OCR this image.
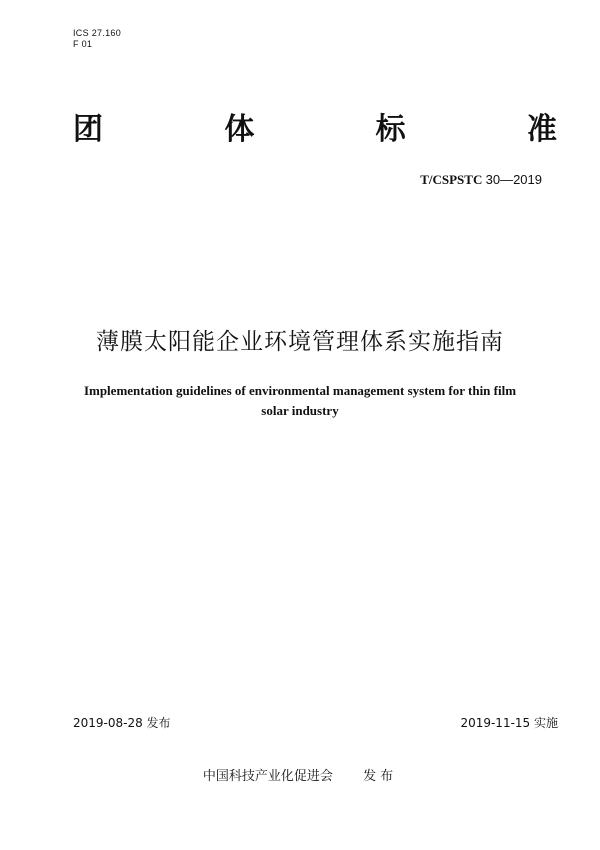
ICS 27.160
F 01
团	体	标	准
T/CSPSTC 30—2019
薄膜太阳能企业环境管理体系实施指南
Implementation guidelines of environmental management system for thin film
solar industry
2019-08-28 发布	2019-11-15 实施
中国科技产业化促进会 发布
